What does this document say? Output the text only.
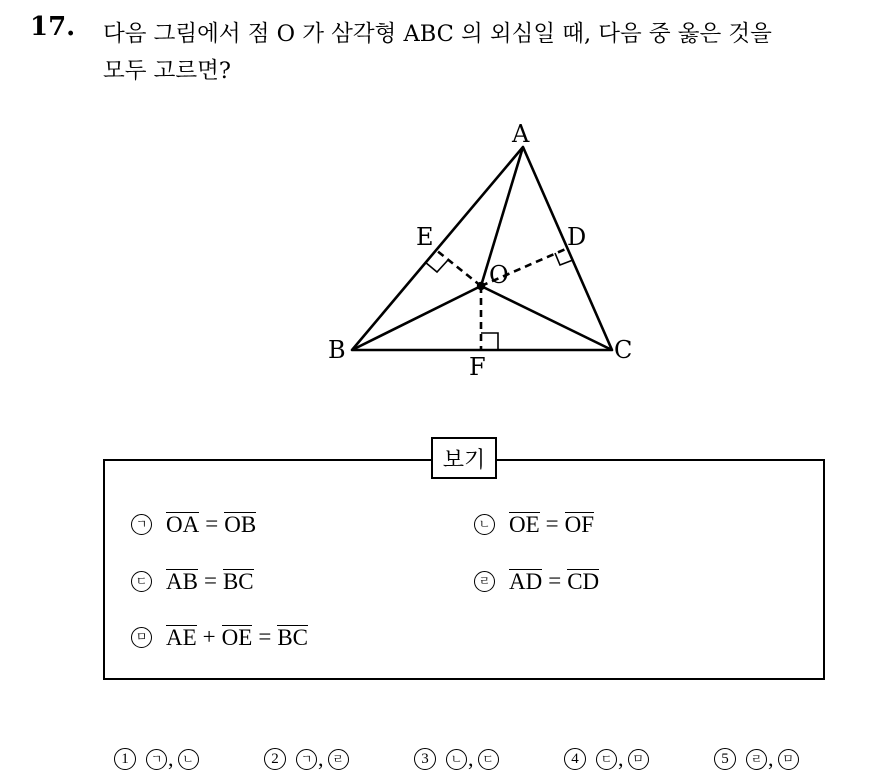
17. 다음 그림에서 점 O 가 삼각형 ABC 의 외심일 때, 다음 중 옳은 것을
모두 고르면?
A
B	C
D
E
F
O
보기
ㄱ OA = OB	ㄴ OE = OF
ㄷ AB = BC	ㄹ AD = CD
ㅁ AE + OE = BC
1	ㄱ , ㄴ	2	ㄱ , ㄹ	3	ㄴ , ㄷ	4	ㄷ , ㅁ	5	ㄹ , ㅁ
